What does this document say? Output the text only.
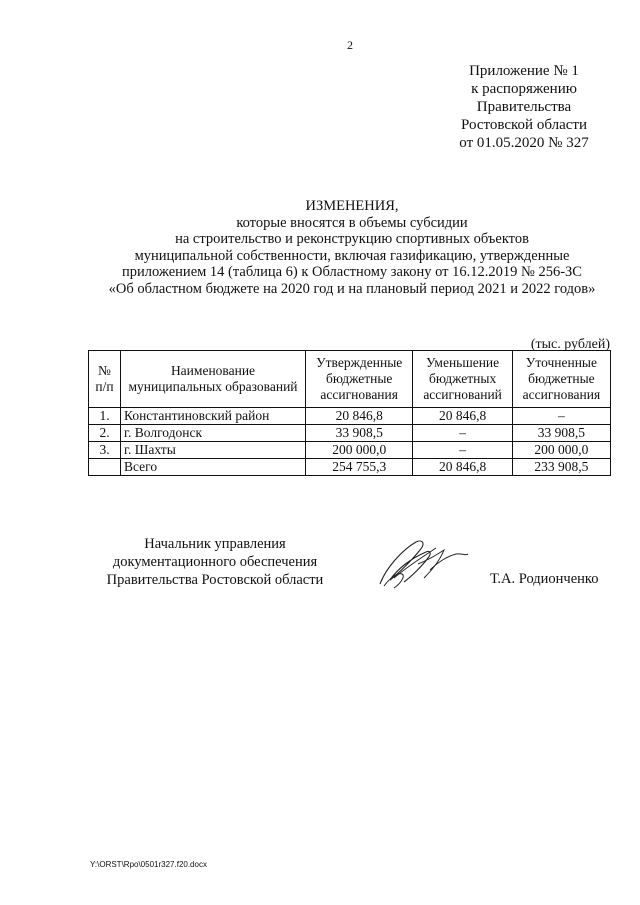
2
Приложение № 1
к распоряжению
Правительства
Ростовской области
от 01.05.2020 № 327
ИЗМЕНЕНИЯ,
которые вносятся в объемы субсидии
на строительство и реконструкцию спортивных объектов
муниципальной собственности, включая газификацию, утвержденные
приложением 14 (таблица 6) к Областному закону от 16.12.2019 № 256-ЗС
«Об областном бюджете на 2020 год и на плановый период 2021 и 2022 годов»
(тыс. рублей)
№ п/п	Наименование муниципальных образований	Утвержденные бюджетные ассигнования	Уменьшение бюджетных ассигнований	Уточненные бюджетные ассигнования
1.	Константиновский район	20 846,8	20 846,8	–
2.	г. Волгодонск	33 908,5	–	33 908,5
3.	г. Шахты	200 000,0	–	200 000,0
	Всего	254 755,3	20 846,8	233 908,5
Начальник управления
документационного обеспечения
Правительства Ростовской области	Т.А. Родионченко
Y:\ORST\Rpo\0501r327.f20.docx
